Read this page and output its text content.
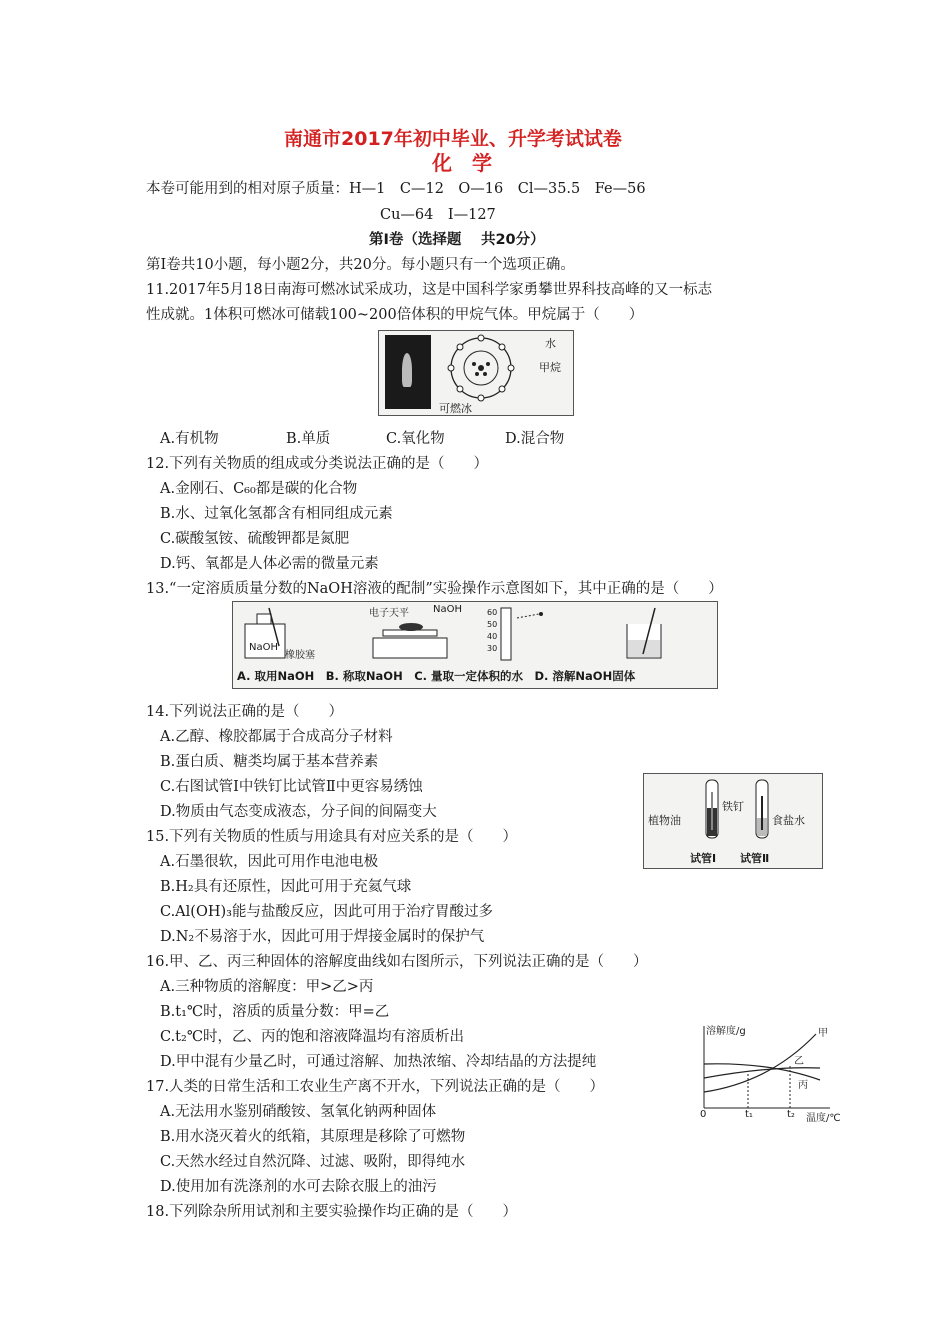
南通市2017年初中毕业、升学考试试卷
化　学
本卷可能用到的相对原子质量：H—1　C—12　O—16　Cl—35.5　Fe—56
Cu—64　I—127
第Ⅰ卷（选择题　 共20分）
第Ⅰ卷共10小题，每小题2分，共20分。每小题只有一个选项正确。
11.2017年5月18日南海可燃冰试采成功，这是中国科学家勇攀世界科技高峰的又一标志
性成就。1体积可燃冰可储载100~200倍体积的甲烷气体。甲烷属于（　　）
水
甲烷
可燃冰
A.有机物	B.单质	C.氧化物	D.混合物
12.下列有关物质的组成或分类说法正确的是（　　）
A.金刚石、C₆₀都是碳的化合物
B.水、过氧化氢都含有相同组成元素
C.碳酸氢铵、硫酸钾都是氮肥
D.钙、氧都是人体必需的微量元素
13.“一定溶质质量分数的NaOH溶液的配制”实验操作示意图如下，其中正确的是（　　）
NaOH
橡胶塞
电子天平 NaOH	60
50
40
30
A. 取用NaOH　B. 称取NaOH　C. 量取一定体积的水　D. 溶解NaOH固体
14.下列说法正确的是（　　）
A.乙醇、橡胶都属于合成高分子材料
B.蛋白质、糖类均属于基本营养素
C.右图试管Ⅰ中铁钉比试管Ⅱ中更容易绣蚀
D.物质由气态变成液态，分子间的间隔变大
植物油
铁钉
食盐水
试管Ⅰ 试管Ⅱ
15.下列有关物质的性质与用途具有对应关系的是（　　）
A.石墨很软，因此可用作电池电极
B.H₂具有还原性，因此可用于充氦气球
C.Al(OH)₃能与盐酸反应，因此可用于治疗胃酸过多
D.N₂不易溶于水，因此可用于焊接金属时的保护气
16.甲、乙、丙三种固体的溶解度曲线如右图所示，下列说法正确的是（　　）
A.三种物质的溶解度：甲>乙>丙
B.t₁℃时，溶质的质量分数：甲=乙
C.t₂℃时，乙、丙的饱和溶液降温均有溶质析出
D.甲中混有少量乙时，可通过溶解、加热浓缩、冷却结晶的方法提纯
溶解度/g
温度/℃
0	t₁	t₂
甲
乙
丙
17.人类的日常生活和工农业生产离不开水，下列说法正确的是（　　）
A.无法用水鉴别硝酸铵、氢氧化钠两种固体
B.用水浇灭着火的纸箱，其原理是移除了可燃物
C.天然水经过自然沉降、过滤、吸附，即得纯水
D.使用加有洗涤剂的水可去除衣服上的油污
18.下列除杂所用试剂和主要实验操作均正确的是（　　）
